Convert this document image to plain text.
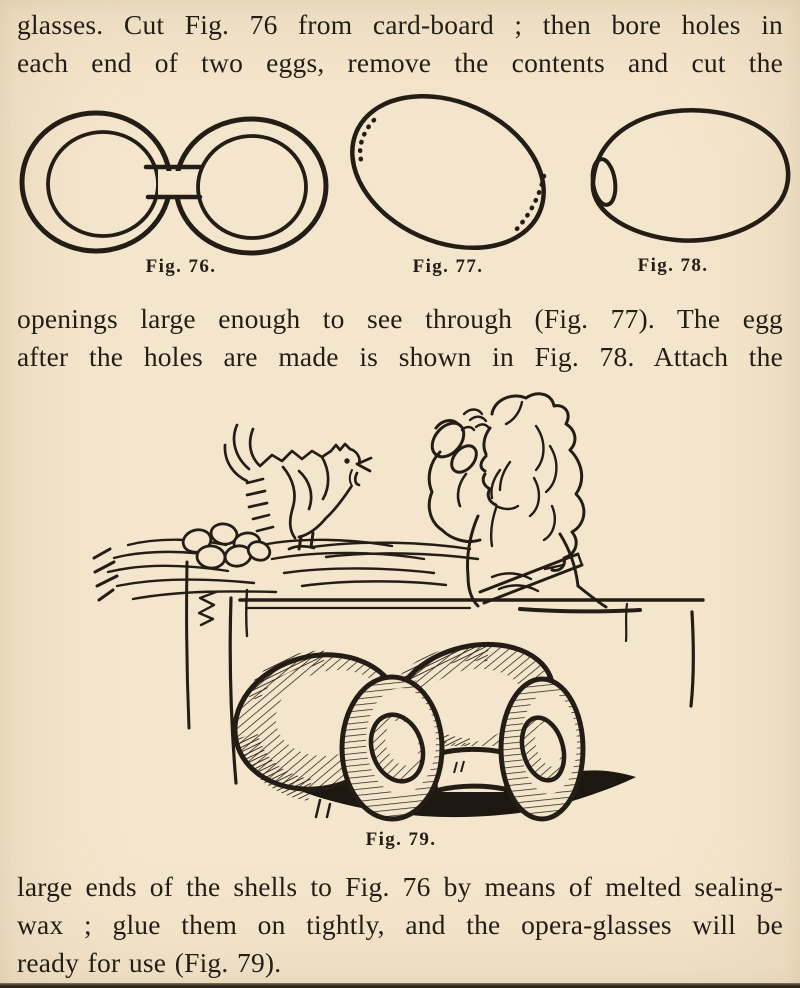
glasses. Cut Fig. 76 from card-board ; then bore holes in
each end of two eggs, remove the contents and cut the
Fig. 76.	Fig. 77.	Fig. 78.
openings large enough to see through (Fig. 77). The egg
after the holes are made is shown in Fig. 78. Attach the
Fig. 79.
large ends of the shells to Fig. 76 by means of melted sealing-
wax ; glue them on tightly, and the opera-glasses will be
ready for use (Fig. 79).
